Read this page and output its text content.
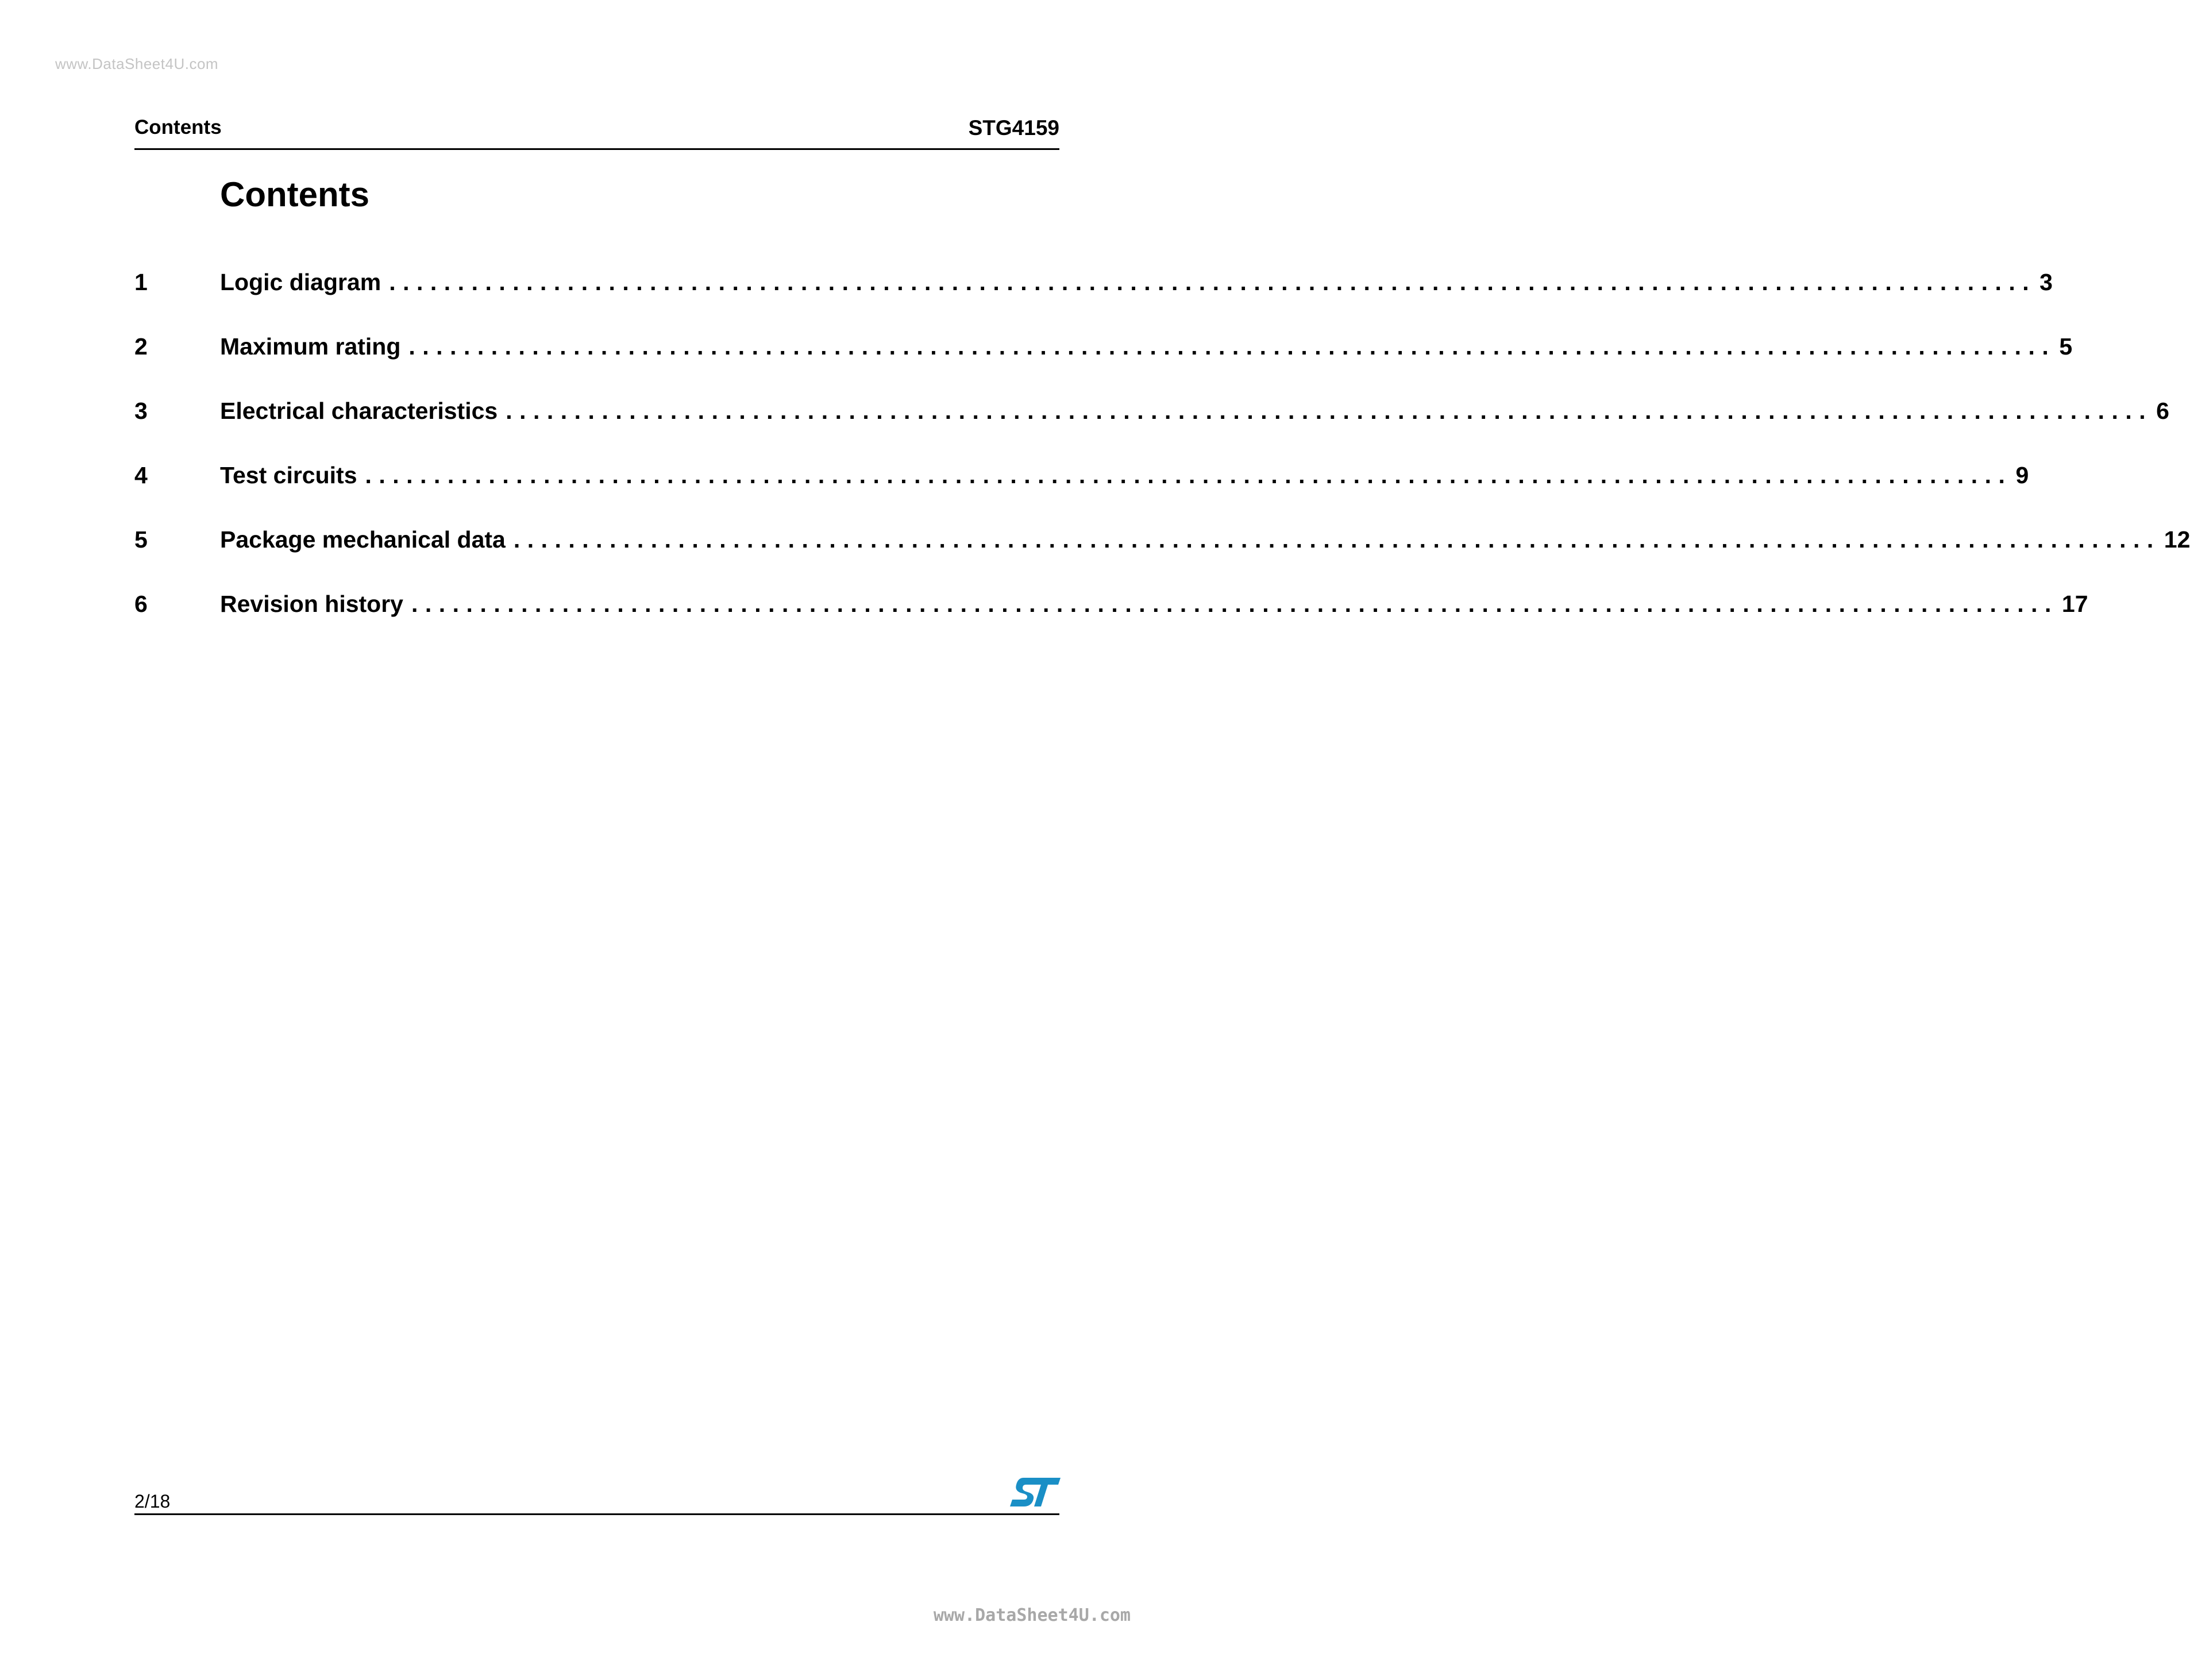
www.DataSheet4U.com
Contents	STG4159
Contents
1	Logic diagram ........................................................................................................................ 3
2	Maximum rating ........................................................................................................................ 5
3	Electrical characteristics ........................................................................................................................ 6
4	Test circuits ........................................................................................................................ 9
5	Package mechanical data ........................................................................................................................ 12
6	Revision history ........................................................................................................................ 17
2/18
www.DataSheet4U.com
